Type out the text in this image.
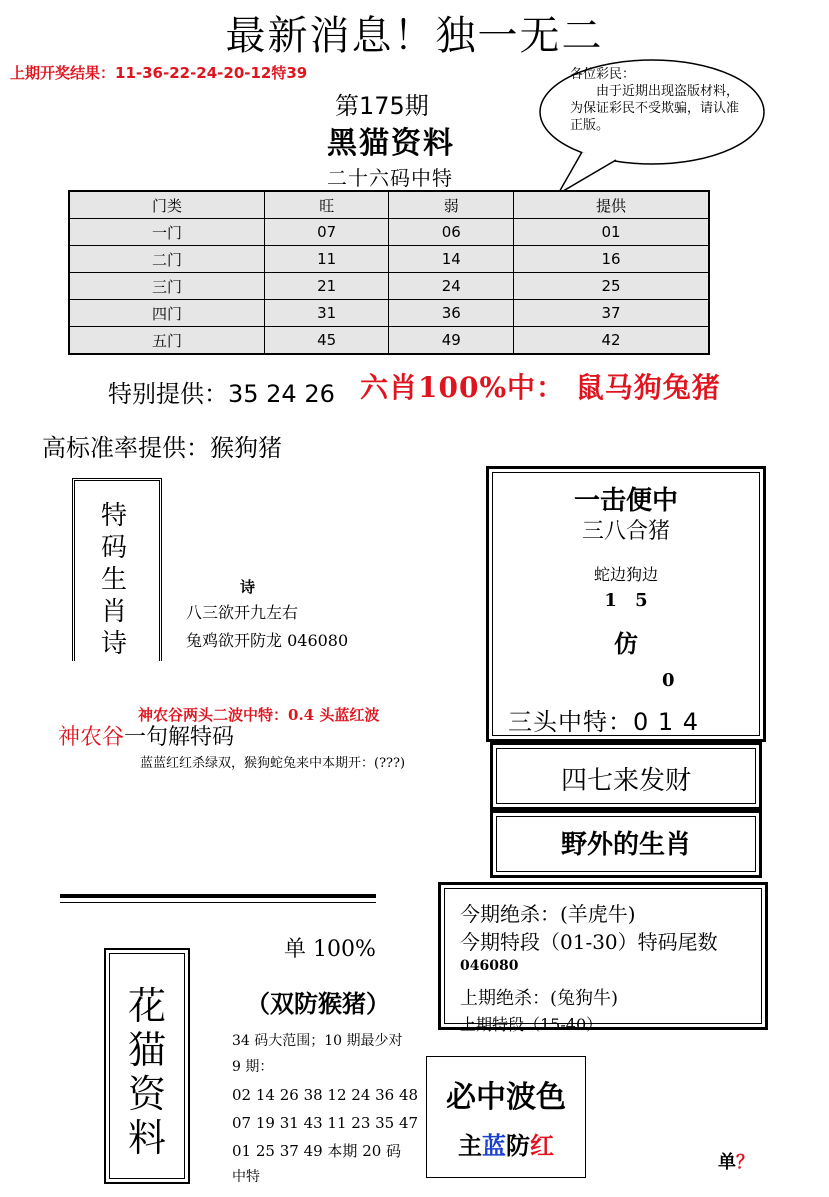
最新消息！独一无二
上期开奖结果：11-36-22-24-20-12特39	各位彩民：
由于近期出现盗版材料，为保证彩民不受欺骗，请认准正版。
第175期
黑猫资料
二十六码中特
门类	旺	弱	提供
一门	07	06	01
二门	11	14	16
三门	21	24	25
四门	31	36	37
五门	45	49	42
特别提供：35 24 26 六肖100%中： 鼠马狗兔猪
高标准率提供：猴狗猪
特
码
生
肖
诗
诗
八三欲开九左右
兔鸡欲开防龙 046080
神农谷两头二波中特：0.4 头蓝红波
神农谷一句解特码
蓝蓝红红杀绿双，猴狗蛇兔来中本期开：(???)
一击便中
三八合猪
蛇边狗边
1 5
仿
0
三头中特：0 1 4
四七来发财
野外的生肖
今期绝杀：(羊虎牛)
今期特段（01-30）特码尾数
046080
上期绝杀：(兔狗牛)
上期特段（15-40）
单 100%
（双防猴猪）
34 码大范围；10 期最少对
9 期：
02 14 26 38 12 24 36 48
07 19 31 43 11 23 35 47
01 25 37 49 本期 20 码
中特
花
猫
资
料
必中波色
主蓝防红
单？
